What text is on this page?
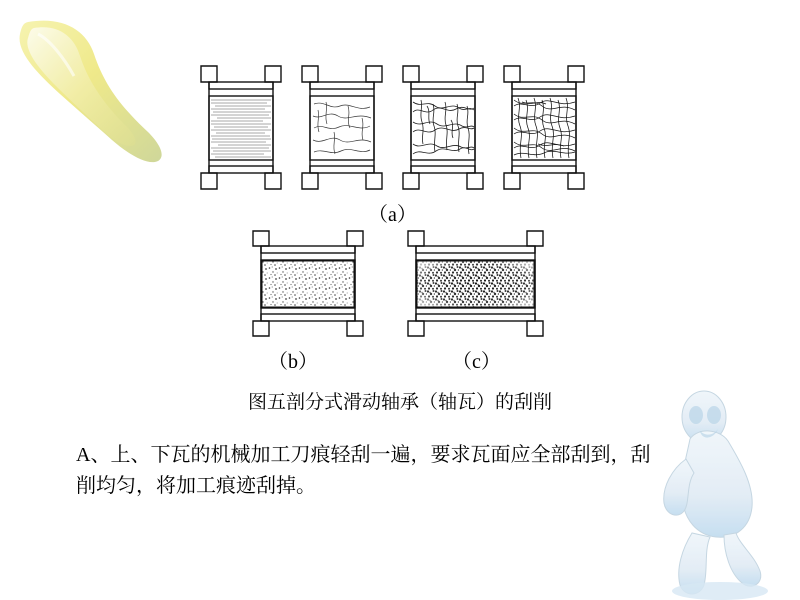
（a）
（b）	（c）
图五剖分式滑动轴承（轴瓦）的刮削
A、上、下瓦的机械加工刀痕轻刮一遍，要求瓦面应全部刮到，刮
削均匀，将加工痕迹刮掉。
